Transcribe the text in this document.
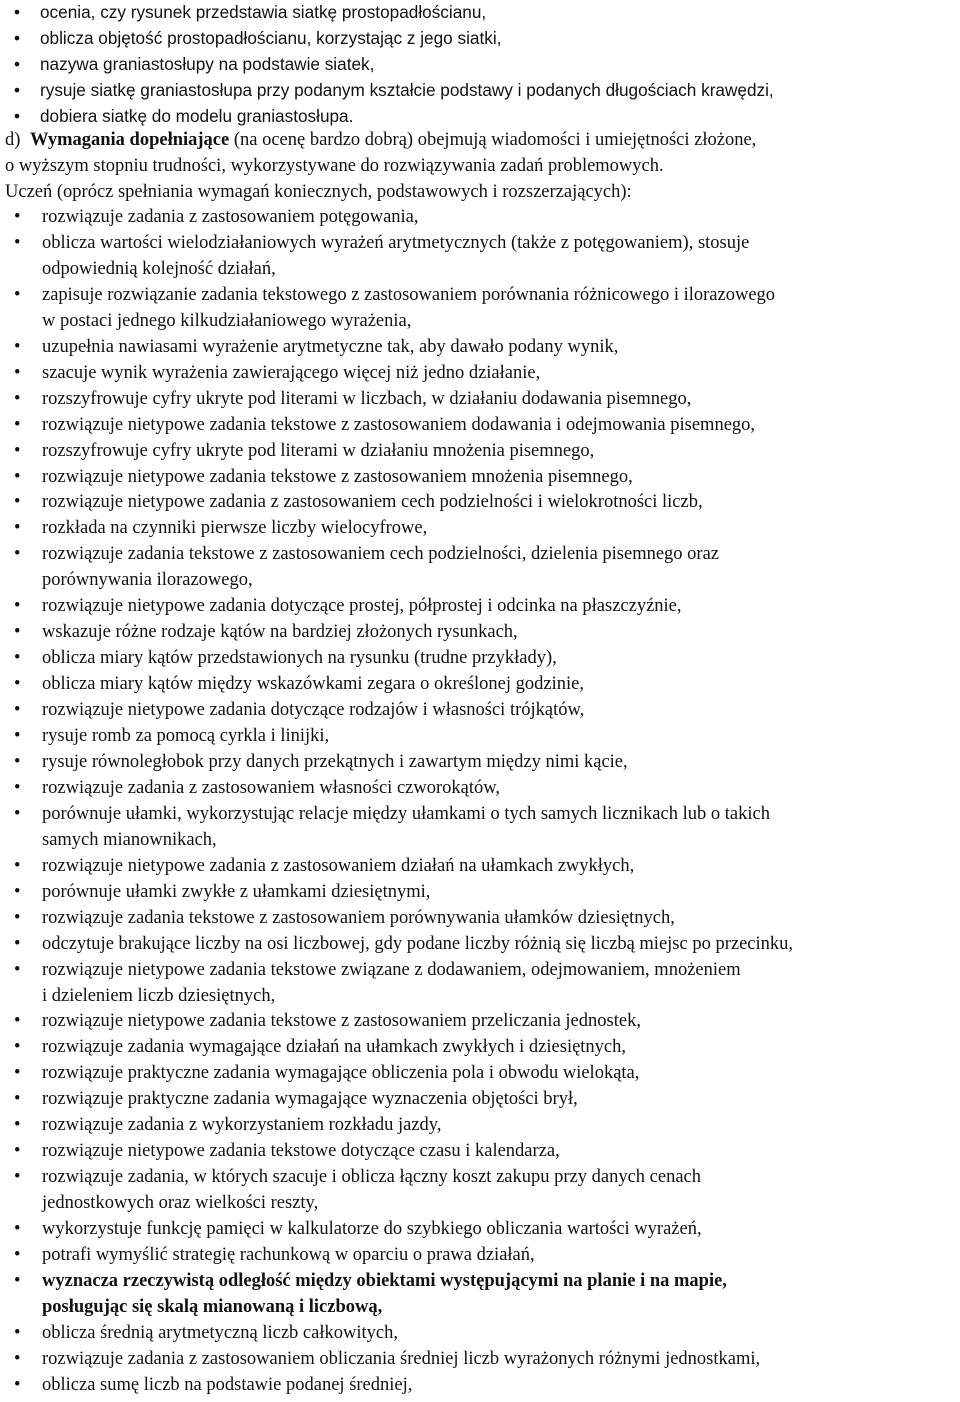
• ocenia, czy rysunek przedstawia siatkę prostopadłościanu,
• oblicza objętość prostopadłościanu, korzystając z jego siatki,
• nazywa graniastosłupy na podstawie siatek,
• rysuje siatkę graniastosłupa przy podanym kształcie podstawy i podanych długościach krawędzi,
• dobiera siatkę do modelu graniastosłupa.
d) Wymagania dopełniające (na ocenę bardzo dobrą) obejmują wiadomości i umiejętności złożone,
o wyższym stopniu trudności, wykorzystywane do rozwiązywania zadań problemowych.
Uczeń (oprócz spełniania wymagań koniecznych, podstawowych i rozszerzających):
• rozwiązuje zadania z zastosowaniem potęgowania,
• oblicza wartości wielodziałaniowych wyrażeń arytmetycznych (także z potęgowaniem), stosuje
odpowiednią kolejność działań,
• zapisuje rozwiązanie zadania tekstowego z zastosowaniem porównania różnicowego i ilorazowego
w postaci jednego kilkudziałaniowego wyrażenia,
• uzupełnia nawiasami wyrażenie arytmetyczne tak, aby dawało podany wynik,
• szacuje wynik wyrażenia zawierającego więcej niż jedno działanie,
• rozszyfrowuje cyfry ukryte pod literami w liczbach, w działaniu dodawania pisemnego,
• rozwiązuje nietypowe zadania tekstowe z zastosowaniem dodawania i odejmowania pisemnego,
• rozszyfrowuje cyfry ukryte pod literami w działaniu mnożenia pisemnego,
• rozwiązuje nietypowe zadania tekstowe z zastosowaniem mnożenia pisemnego,
• rozwiązuje nietypowe zadania z zastosowaniem cech podzielności i wielokrotności liczb,
• rozkłada na czynniki pierwsze liczby wielocyfrowe,
• rozwiązuje zadania tekstowe z zastosowaniem cech podzielności, dzielenia pisemnego oraz
porównywania ilorazowego,
• rozwiązuje nietypowe zadania dotyczące prostej, półprostej i odcinka na płaszczyźnie,
• wskazuje różne rodzaje kątów na bardziej złożonych rysunkach,
• oblicza miary kątów przedstawionych na rysunku (trudne przykłady),
• oblicza miary kątów między wskazówkami zegara o określonej godzinie,
• rozwiązuje nietypowe zadania dotyczące rodzajów i własności trójkątów,
• rysuje romb za pomocą cyrkla i linijki,
• rysuje równoległobok przy danych przekątnych i zawartym między nimi kącie,
• rozwiązuje zadania z zastosowaniem własności czworokątów,
• porównuje ułamki, wykorzystując relacje między ułamkami o tych samych licznikach lub o takich
samych mianownikach,
• rozwiązuje nietypowe zadania z zastosowaniem działań na ułamkach zwykłych,
• porównuje ułamki zwykłe z ułamkami dziesiętnymi,
• rozwiązuje zadania tekstowe z zastosowaniem porównywania ułamków dziesiętnych,
• odczytuje brakujące liczby na osi liczbowej, gdy podane liczby różnią się liczbą miejsc po przecinku,
• rozwiązuje nietypowe zadania tekstowe związane z dodawaniem, odejmowaniem, mnożeniem
i dzieleniem liczb dziesiętnych,
• rozwiązuje nietypowe zadania tekstowe z zastosowaniem przeliczania jednostek,
• rozwiązuje zadania wymagające działań na ułamkach zwykłych i dziesiętnych,
• rozwiązuje praktyczne zadania wymagające obliczenia pola i obwodu wielokąta,
• rozwiązuje praktyczne zadania wymagające wyznaczenia objętości brył,
• rozwiązuje zadania z wykorzystaniem rozkładu jazdy,
• rozwiązuje nietypowe zadania tekstowe dotyczące czasu i kalendarza,
• rozwiązuje zadania, w których szacuje i oblicza łączny koszt zakupu przy danych cenach
jednostkowych oraz wielkości reszty,
• wykorzystuje funkcję pamięci w kalkulatorze do szybkiego obliczania wartości wyrażeń,
• potrafi wymyślić strategię rachunkową w oparciu o prawa działań,
• wyznacza rzeczywistą odległość między obiektami występującymi na planie i na mapie,
posługując się skalą mianowaną i liczbową,
• oblicza średnią arytmetyczną liczb całkowitych,
• rozwiązuje zadania z zastosowaniem obliczania średniej liczb wyrażonych różnymi jednostkami,
• oblicza sumę liczb na podstawie podanej średniej,
